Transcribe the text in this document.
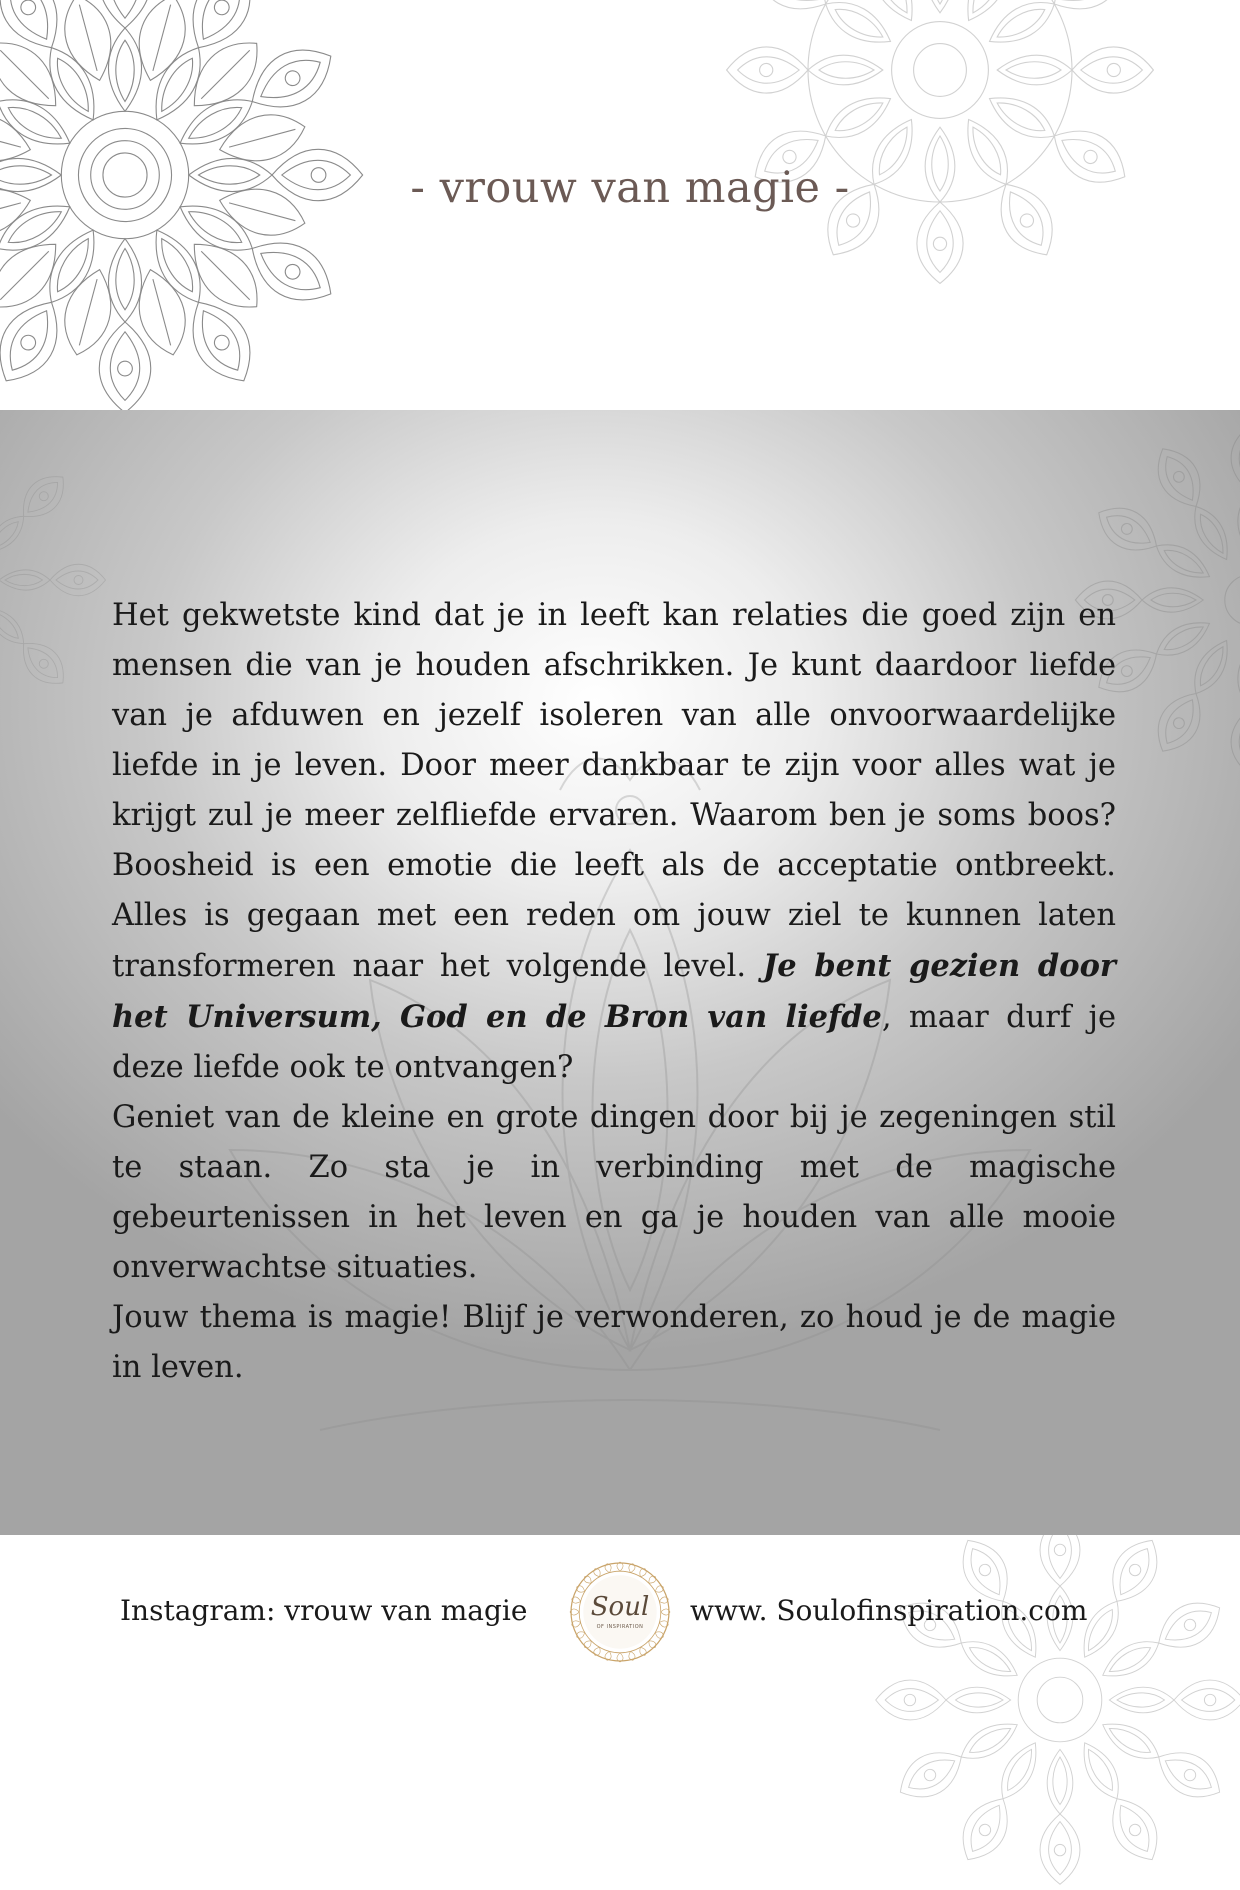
- vrouw van magie -

Het gekwetste kind dat je in leeft kan relaties die goed zijn en mensen die van je houden afschrikken. Je kunt daardoor liefde van je afduwen en jezelf isoleren van alle onvoorwaardelijke liefde in je leven. Door meer dankbaar te zijn voor alles wat je krijgt zul je meer zelfliefde ervaren. Waarom ben je soms boos? Boosheid is een emotie die leeft als de acceptatie ontbreekt. Alles is gegaan met een reden om jouw ziel te kunnen laten transformeren naar het volgende level. Je bent gezien door het Universum, God en de Bron van liefde, maar durf je deze liefde ook te ontvangen?

Geniet van de kleine en grote dingen door bij je zegeningen stil te staan. Zo sta je in verbinding met de magische gebeurtenissen in het leven en ga je houden van alle mooie onverwachtse situaties.

Jouw thema is magie! Blijf je verwonderen, zo houd je de magie in leven.

Instagram: vrouw van magie	Soul
OF INSPIRATION	www. Soulofinspiration.com
